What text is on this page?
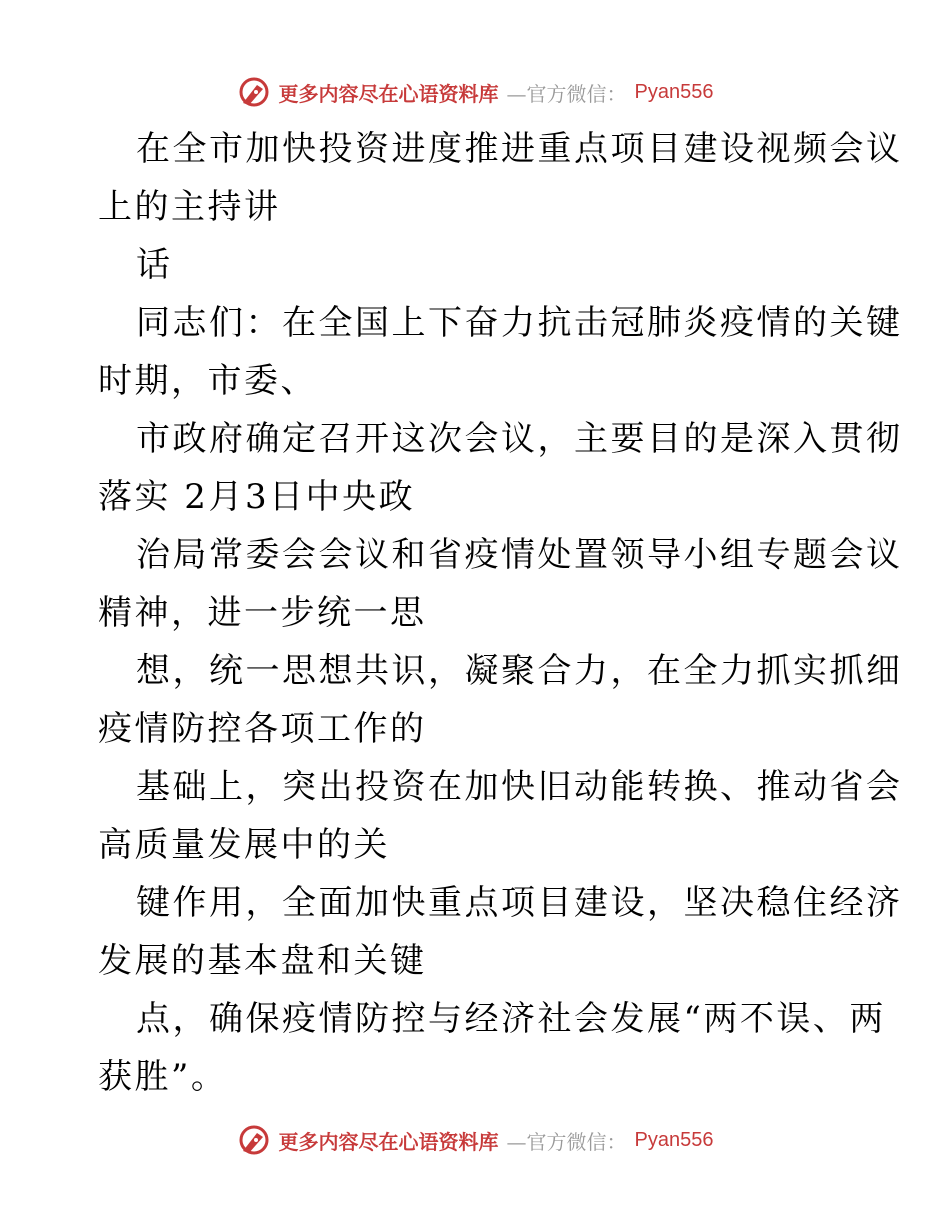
更多内容尽在心语资料库 —官方微信： Pyan556
在全市加快投资进度推进重点项目建设视频会议
上的主持讲
话
同志们：在全国上下奋力抗击冠肺炎疫情的关键
时期，市委、
市政府确定召开这次会议，主要目的是深入贯彻
落实 2月3日中央政
治局常委会会议和省疫情处置领导小组专题会议
精神，进一步统一思
想，统一思想共识，凝聚合力，在全力抓实抓细
疫情防控各项工作的
基础上，突出投资在加快旧动能转换、推动省会
高质量发展中的关
键作用，全面加快重点项目建设，坚决稳住经济
发展的基本盘和关键
点，确保疫情防控与经济社会发展“两不误、两
获胜”。
更多内容尽在心语资料库 —官方微信： Pyan556
